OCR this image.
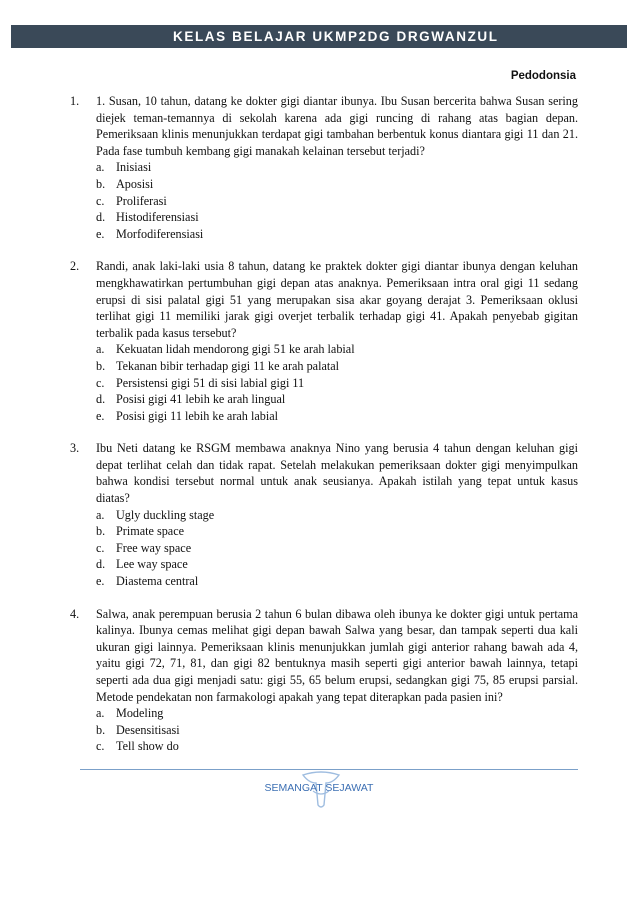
KELAS BELAJAR UKMP2DG DRGWANZUL
Pedodonsia
1. 1. Susan, 10 tahun, datang ke dokter gigi diantar ibunya. Ibu Susan bercerita bahwa Susan sering diejek teman-temannya di sekolah karena ada gigi runcing di rahang atas bagian depan. Pemeriksaan klinis menunjukkan terdapat gigi tambahan berbentuk konus diantara gigi 11 dan 21. Pada fase tumbuh kembang gigi manakah kelainan tersebut terjadi?

a. Inisiasi
b. Aposisi
c. Proliferasi
d. Histodiferensiasi
e. Morfodiferensiasi
2. Randi, anak laki-laki usia 8 tahun, datang ke praktek dokter gigi diantar ibunya dengan keluhan mengkhawatirkan pertumbuhan gigi depan atas anaknya. Pemeriksaan intra oral gigi 11 sedang erupsi di sisi palatal gigi 51 yang merupakan sisa akar goyang derajat 3. Pemeriksaan oklusi terlihat gigi 11 memiliki jarak gigi overjet terbalik terhadap gigi 41. Apakah penyebab gigitan terbalik pada kasus tersebut?

a. Kekuatan lidah mendorong gigi 51 ke arah labial
b. Tekanan bibir terhadap gigi 11 ke arah palatal
c. Persistensi gigi 51 di sisi labial gigi 11
d. Posisi gigi 41 lebih ke arah lingual
e. Posisi gigi 11 lebih ke arah labial
3. Ibu Neti datang ke RSGM membawa anaknya Nino yang berusia 4 tahun dengan keluhan gigi depat terlihat celah dan tidak rapat. Setelah melakukan pemeriksaan dokter gigi menyimpulkan bahwa kondisi tersebut normal untuk anak seusianya. Apakah istilah yang tepat untuk kasus diatas?

a. Ugly duckling stage
b. Primate space
c. Free way space
d. Lee way space
e. Diastema central
4. Salwa, anak perempuan berusia 2 tahun 6 bulan dibawa oleh ibunya ke dokter gigi untuk pertama kalinya. Ibunya cemas melihat gigi depan bawah Salwa yang besar, dan tampak seperti dua kali ukuran gigi lainnya. Pemeriksaan klinis menunjukkan jumlah gigi anterior rahang bawah ada 4, yaitu gigi 72, 71, 81, dan gigi 82 bentuknya masih seperti gigi anterior bawah lainnya, tetapi seperti ada dua gigi menjadi satu: gigi 55, 65 belum erupsi, sedangkan gigi 75, 85 erupsi parsial. Metode pendekatan non farmakologi apakah yang tepat diterapkan pada pasien ini?

a. Modeling
b. Desensitisasi
c. Tell show do
SEMANGAT SEJAWAT
